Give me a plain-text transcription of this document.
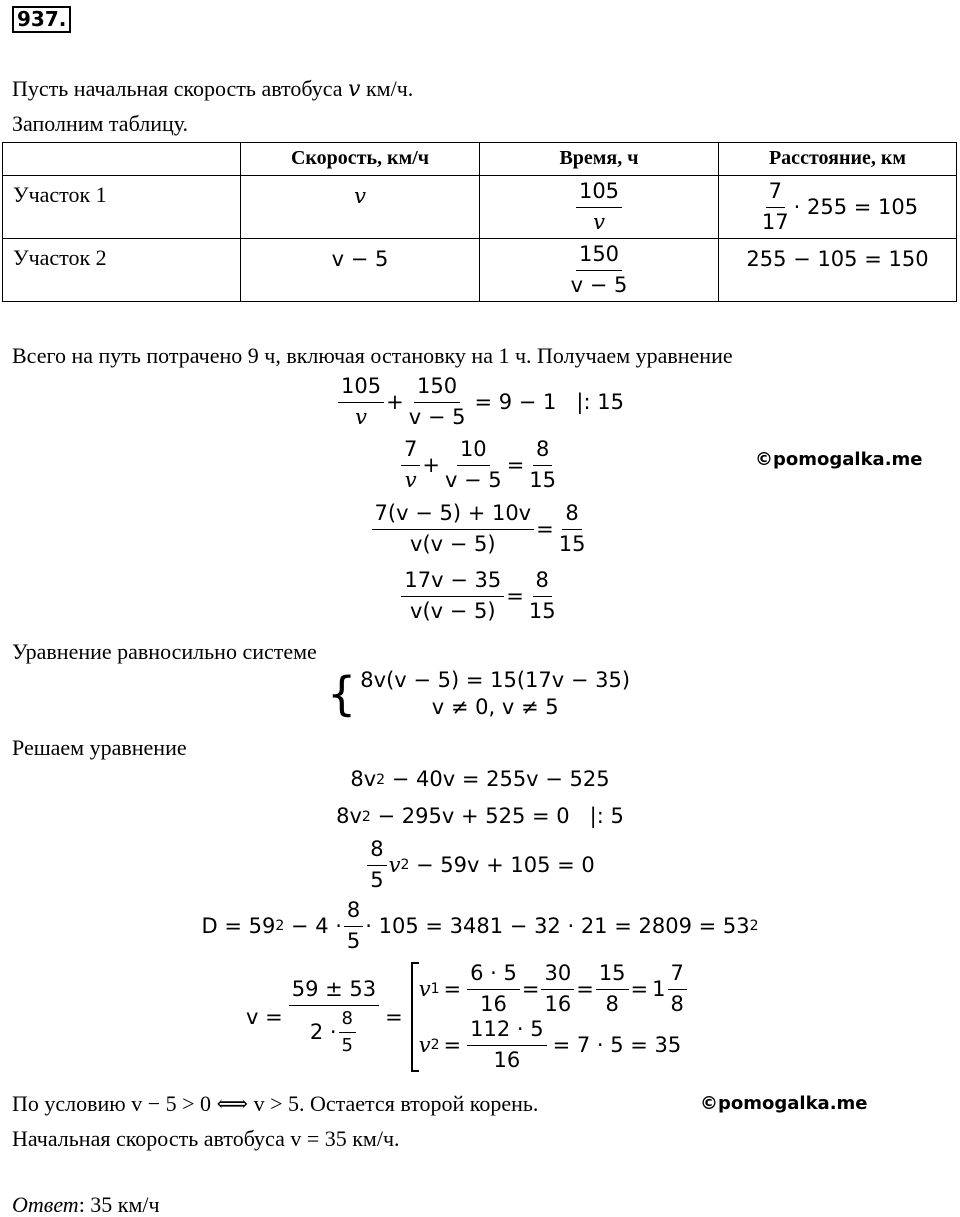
937.
Пусть начальная скорость автобуса v км/ч.
Заполним таблицу.
	Скорость, км/ч	Время, ч	Расстояние, км
Участок 1	v	$\frac{105}{v}$	$\frac{7}{17} \cdot 255 = 105$

Участок 2	v − 5	$\frac{150}{v - 5}$	255 − 105 = 150
Всего на путь потрачено 9 ч, включая остановку на 1 ч. Получаем уравнение
$\frac{105}{v} + \frac{150}{v - 5} = 9 - 1$   |: 15
$\frac{7}{v} + \frac{10}{v - 5} = \frac{8}{15}$	©pomogalka.me
$\frac{7(v - 5) + 10v}{v(v - 5)} = \frac{8}{15}$
$\frac{17v - 35}{v(v - 5)} = \frac{8}{15}$
Уравнение равносильно системе
{ 8v(v − 5) = 15(17v − 35)
v ≠ 0, v ≠ 5
Решаем уравнение
8v 2 − 40v = 255v − 525
8v 2 − 295v + 525 = 0   |: 5
$\frac{8}{5}$ v 2 − 59v + 105 = 0
D = 59 $2 - 4 \cdot \frac{8}{5} \cdot 105 = 3481 - 32 \cdot 21 = 2809 = 53$ 2
$v = \frac{59 \pm 53}{2 \cdot \frac{8}{5}}$ =
v $1 = \frac{6 \cdot 5}{16} = \frac{30}{16} = \frac{15}{8} = 1 \frac{7}{8}$
v $2 = \frac{112 \cdot 5}{16} = 7 \cdot 5 = 35$
По условию v − 5 > 0 ⟺ v > 5. Остается второй корень.	©pomogalka.me
Начальная скорость автобуса v = 35 км/ч.
Ответ: 35 км/ч
